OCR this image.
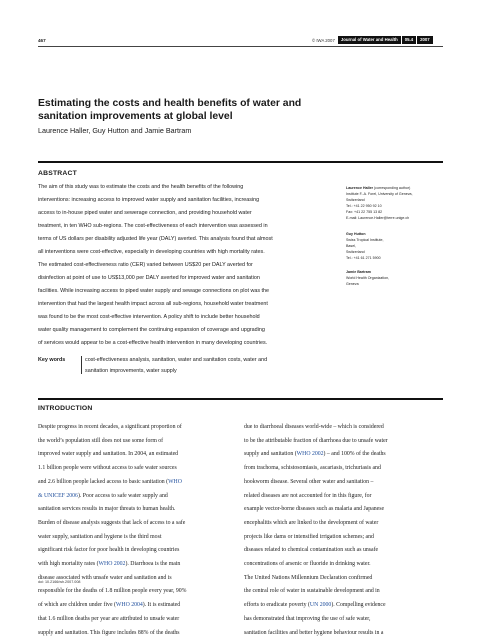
467	© IWA 2007	Journal of Water and Health	05.4	2007
Estimating the costs and health benefits of water and
sanitation improvements at global level
Laurence Haller, Guy Hutton and Jamie Bartram
ABSTRACT
The aim of this study was to estimate the costs and the health benefits of the following
interventions: increasing access to improved water supply and sanitation facilities, increasing
access to in-house piped water and sewerage connection, and providing household water
treatment, in ten WHO sub-regions. The cost-effectiveness of each intervention was assessed in
terms of US dollars per disability adjusted life year (DALY) averted. This analysis found that almost
all interventions were cost-effective, especially in developing countries with high mortality rates.
The estimated cost-effectiveness ratio (CER) varied between US$20 per DALY averted for
disinfection at point of use to US$13,000 per DALY averted for improved water and sanitation
facilities. While increasing access to piped water supply and sewage connections on plot was the
intervention that had the largest health impact across all sub-regions, household water treatment
was found to be the most cost-effective intervention. A policy shift to include better household
water quality management to complement the continuing expansion of coverage and upgrading
of services would appear to be a cost-effective health intervention in many developing countries.
Laurence Haller (corresponding author)
Institute F.-A. Forel, University of Geneva,
Switzerland
Tel.: +41 22 950 92 10
Fax: +41 22 755 13 82
E-mail: Laurence.Haller@terre.unige.ch
Guy Hutton
Swiss Tropical Institute,
Basel,
Switzerland
Tel.: +41 61 271 5900
Jamie Bartram
World Health Organization,
Geneva
Key words	cost-effectiveness analysis, sanitation, water and sanitation costs, water and
sanitation improvements, water supply
INTRODUCTION
Despite progress in recent decades, a significant proportion of
the world’s population still does not use some form of
improved water supply and sanitation. In 2004, an estimated
1.1 billion people were without access to safe water sources
and 2.6 billion people lacked access to basic sanitation (WHO
& UNICEF 2006). Poor access to safe water supply and
sanitation services results in major threats to human health.
Burden of disease analysis suggests that lack of access to a safe
water supply, sanitation and hygiene is the third most
significant risk factor for poor health in developing countries
with high mortality rates (WHO 2002). Diarrhoea is the main
disease associated with unsafe water and sanitation and is
responsible for the deaths of 1.8 million people every year, 90%
of which are children under five (WHO 2004). It is estimated
that 1.6 million deaths per year are attributed to unsafe water
supply and sanitation. This figure includes 88% of the deaths
due to diarrhoeal diseases world-wide – which is considered
to be the attributable fraction of diarrhoea due to unsafe water
supply and sanitation (WHO 2002) – and 100% of the deaths
from trachoma, schistosomiasis, ascariasis, trichuriasis and
hookworm disease. Several other water and sanitation –
related diseases are not accounted for in this figure, for
example vector-borne diseases such as malaria and Japanese
encephalitis which are linked to the development of water
projects like dams or intensified irrigation schemes; and
diseases related to chemical contamination such as unsafe
concentrations of arsenic or fluoride in drinking water.
The United Nations Millennium Declaration confirmed
the central role of water in sustainable development and in
efforts to eradicate poverty (UN 2000). Compelling evidence
has demonstrated that improving the use of safe water,
sanitation facilities and better hygiene behaviour results in a
doi: 10.2166/wh.2007.008
